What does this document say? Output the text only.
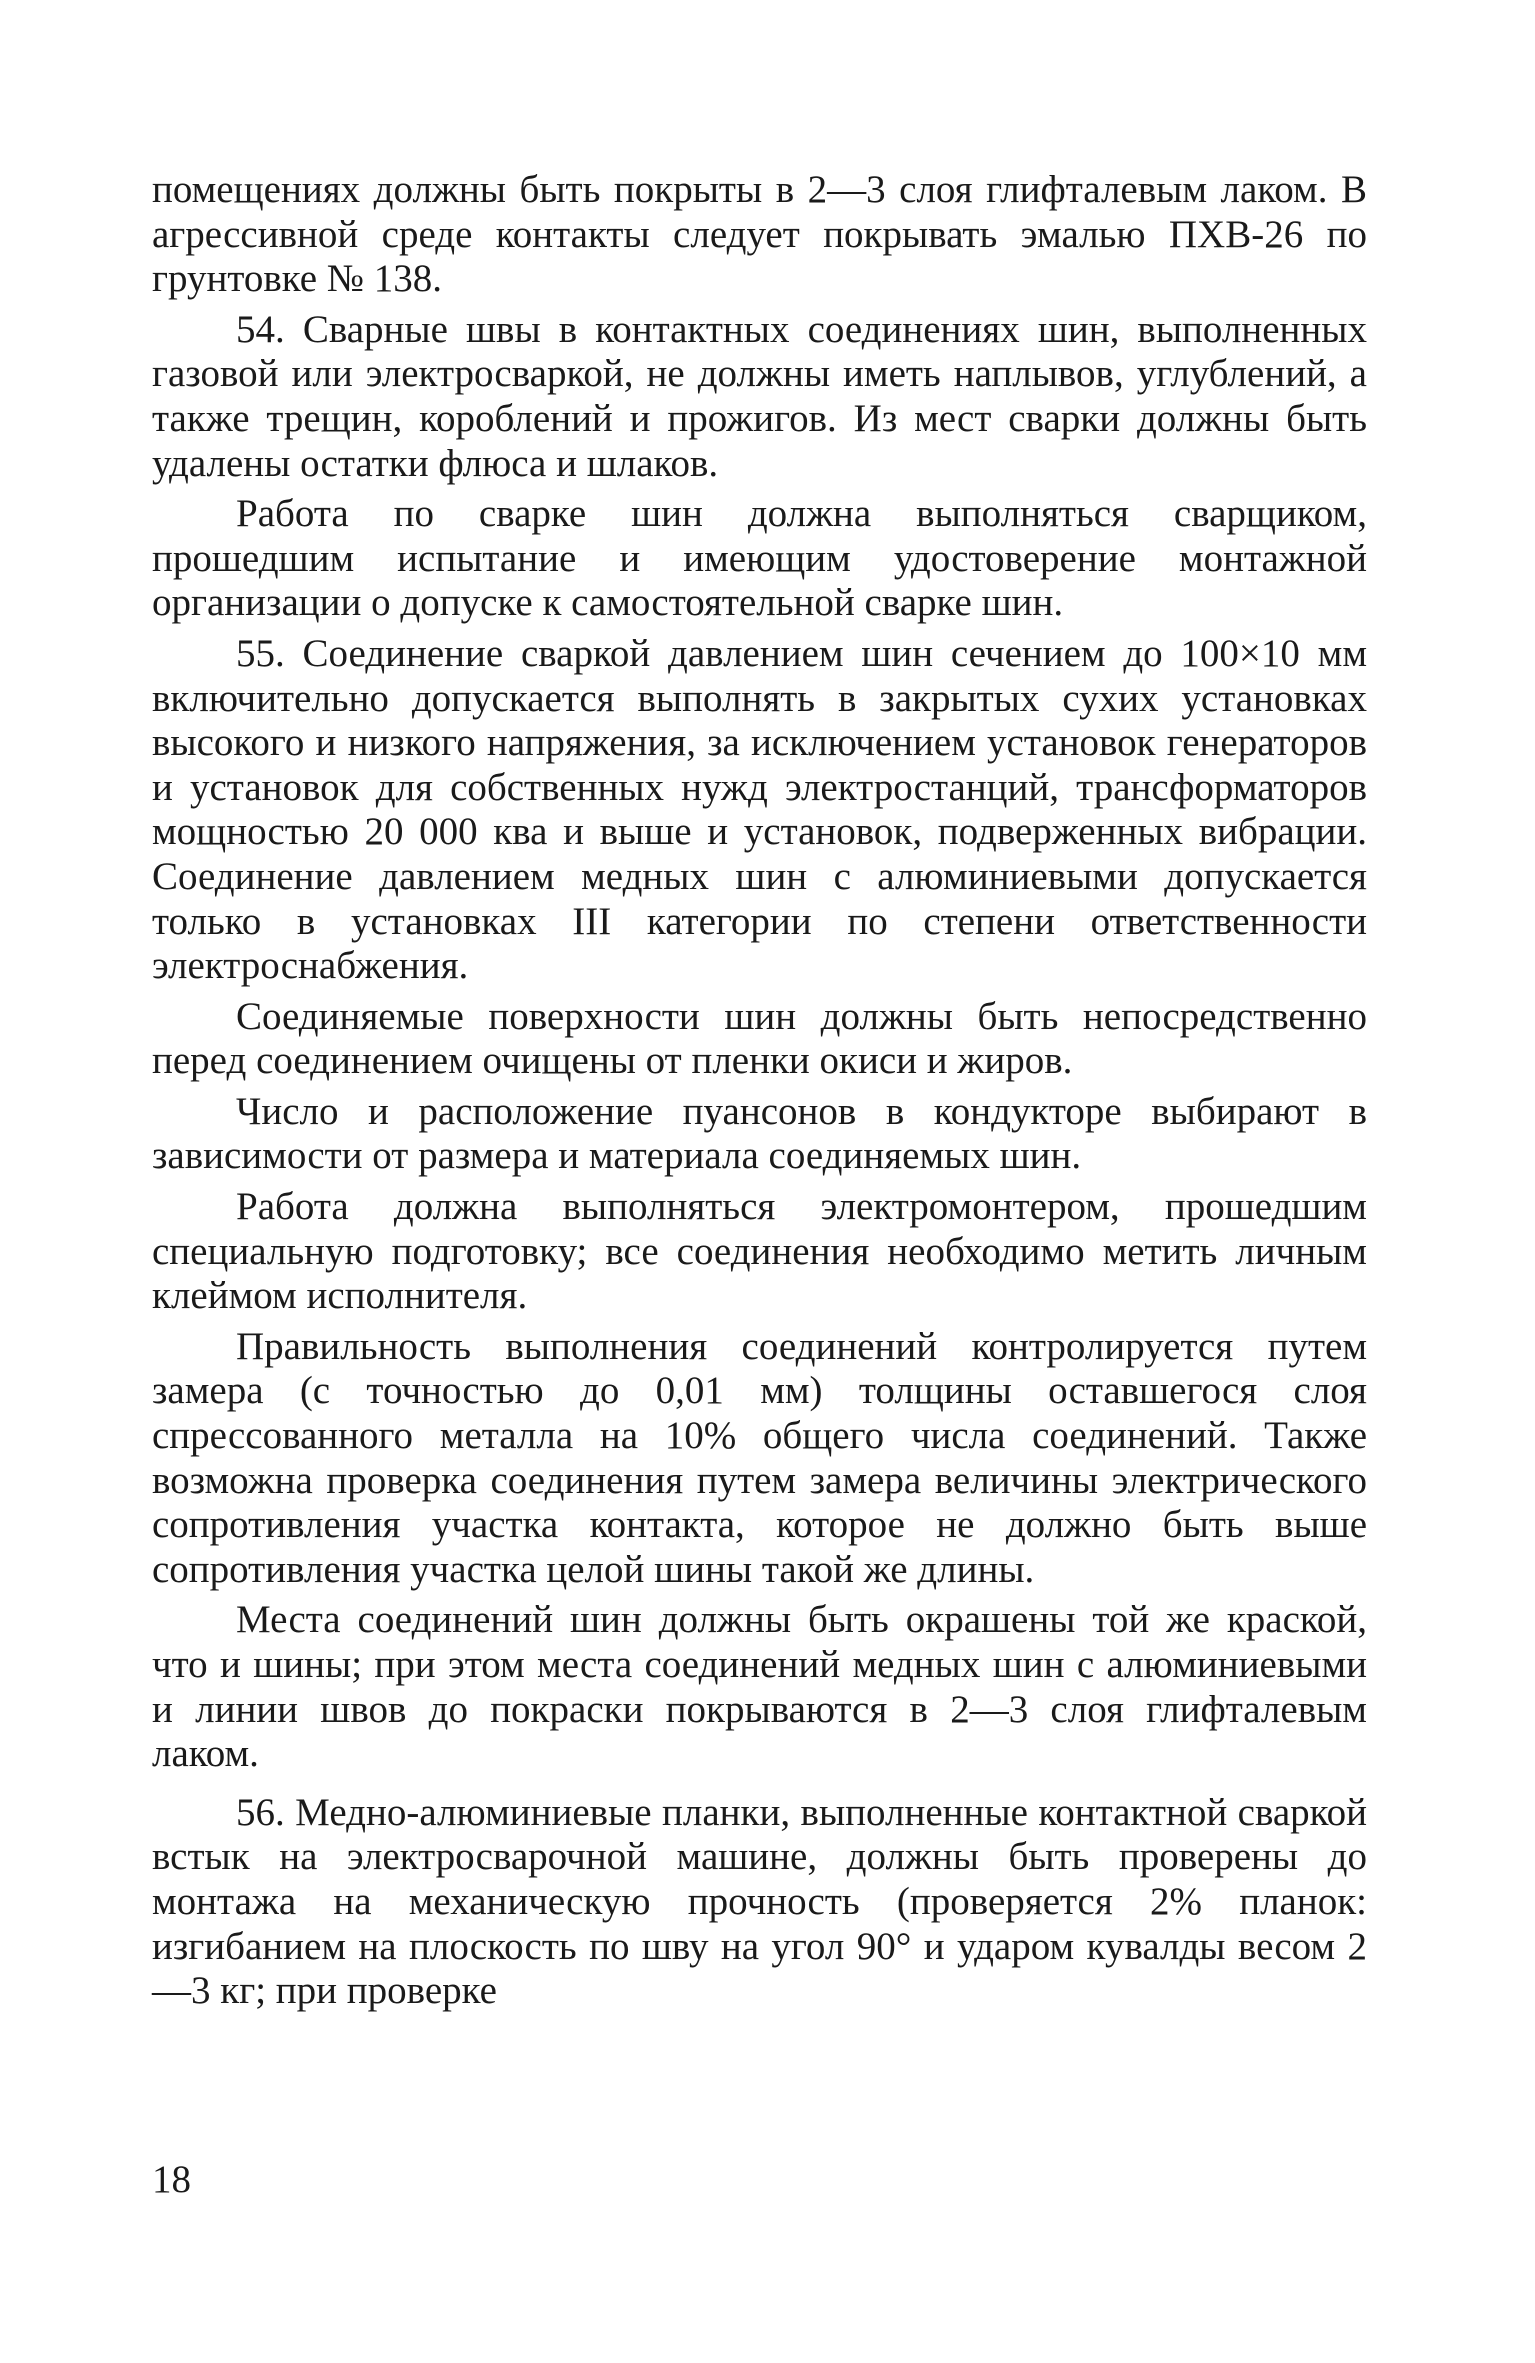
помещениях должны быть покрыты в 2—3 слоя глифталевым лаком. В агрессивной среде контакты следует покрывать эмалью ПХВ-26 по грунтовке № 138.

54. Сварные швы в контактных соединениях шин, выполненных газовой или электросваркой, не должны иметь наплывов, углублений, а также трещин, короблений и прожигов. Из мест сварки должны быть удалены остатки флюса и шлаков.

Работа по сварке шин должна выполняться сварщиком, прошедшим испытание и имеющим удостоверение монтажной организации о допуске к самостоятельной сварке шин.

55. Соединение сваркой давлением шин сечением до 100×10 мм включительно допускается выполнять в закрытых сухих установках высокого и низкого напряжения, за исключением установок генераторов и установок для собственных нужд электростанций, трансформаторов мощностью 20 000 ква и выше и установок, подверженных вибрации. Соединение давлением медных шин с алюминиевыми допускается только в установках III категории по степени ответственности электроснабжения.

Соединяемые поверхности шин должны быть непосредственно перед соединением очищены от пленки окиси и жиров.

Число и расположение пуансонов в кондукторе выбирают в зависимости от размера и материала соединяемых шин.

Работа должна выполняться электромонтером, прошедшим специальную подготовку; все соединения необходимо метить личным клеймом исполнителя.

Правильность выполнения соединений контролируется путем замера (с точностью до 0,01 мм) толщины оставшегося слоя спрессованного металла на 10% общего числа соединений. Также возможна проверка соединения путем замера величины электрического сопротивления участка контакта, которое не должно быть выше сопротивления участка целой шины такой же длины.

Места соединений шин должны быть окрашены той же краской, что и шины; при этом места соединений медных шин с алюминиевыми и линии швов до покраски покрываются в 2—3 слоя глифталевым лаком.

56. Медно-алюминиевые планки, выполненные контактной сваркой встык на электросварочной машине, должны быть проверены до монтажа на механическую прочность (проверяется 2% планок: изгибанием на плоскость по шву на угол 90° и ударом кувалды весом 2—3 кг; при проверке

18
